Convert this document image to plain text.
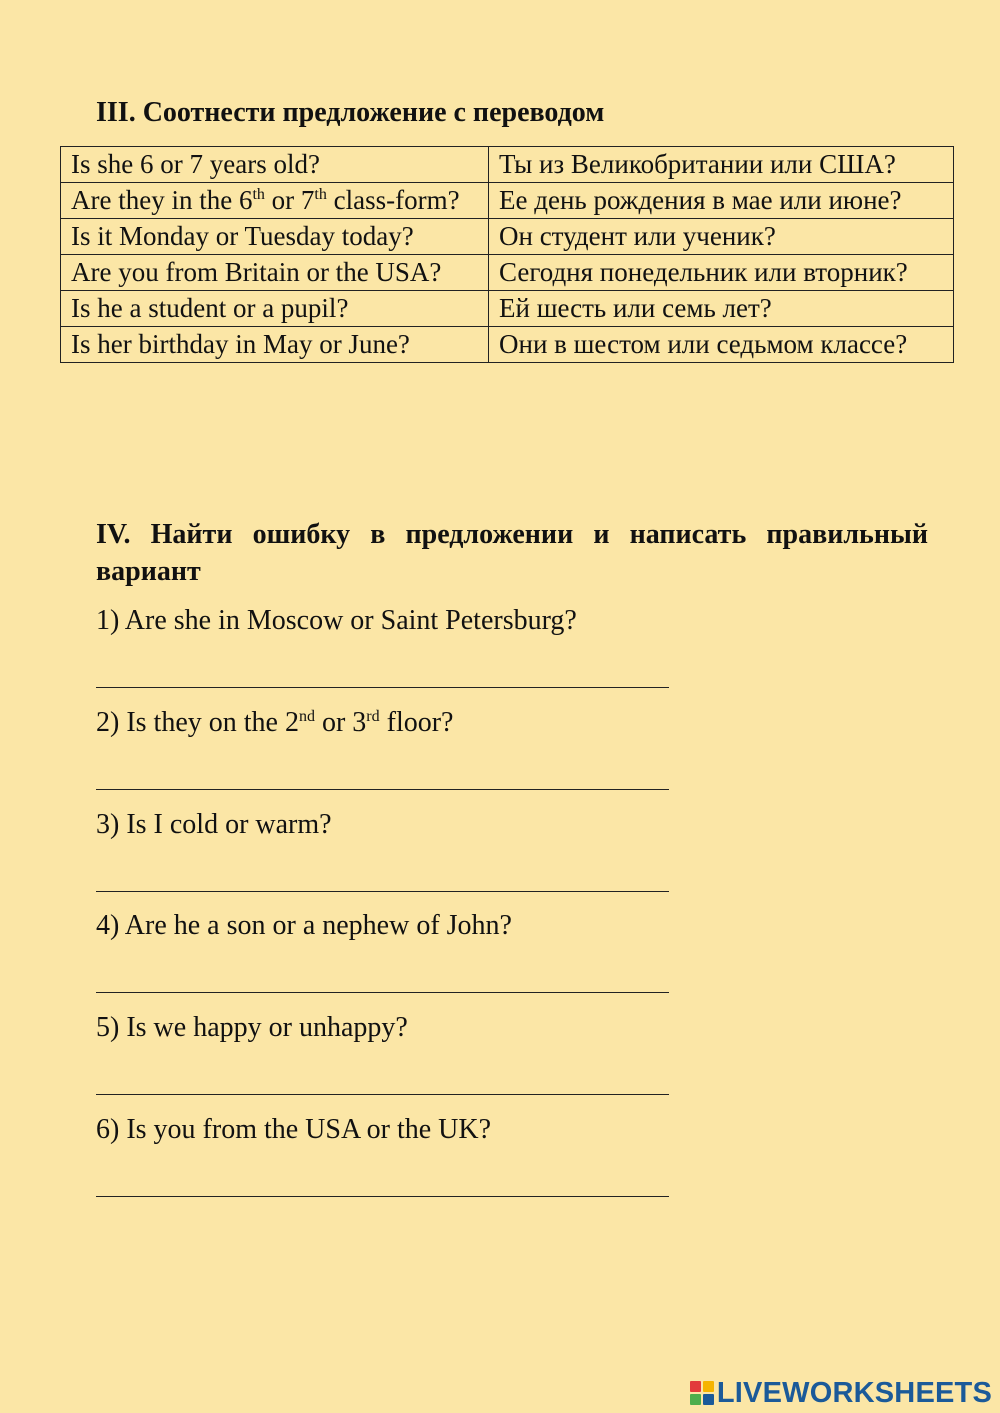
III. Соотнести предложение с переводом
Is she 6 or 7 years old?	Ты из Великобритании или США?
Are they in the 6th or 7th class-form?	Ее день рождения в мае или июне?
Is it Monday or Tuesday today?	Он студент или ученик?
Are you from Britain or the USA?	Сегодня понедельник или вторник?
Is he a student or a pupil?	Ей шесть или семь лет?
Is her birthday in May or June?	Они в шестом или седьмом классе?
IV. Найти ошибку в предложении и написать правильный вариант

1) Are she in Moscow or Saint Petersburg?

2) Is they on the 2nd or 3rd floor?

3) Is I cold or warm?

4) Are he a son or a nephew of John?

5) Is we happy or unhappy?

6) Is you from the USA or the UK?

LIVEWORKSHEETS
